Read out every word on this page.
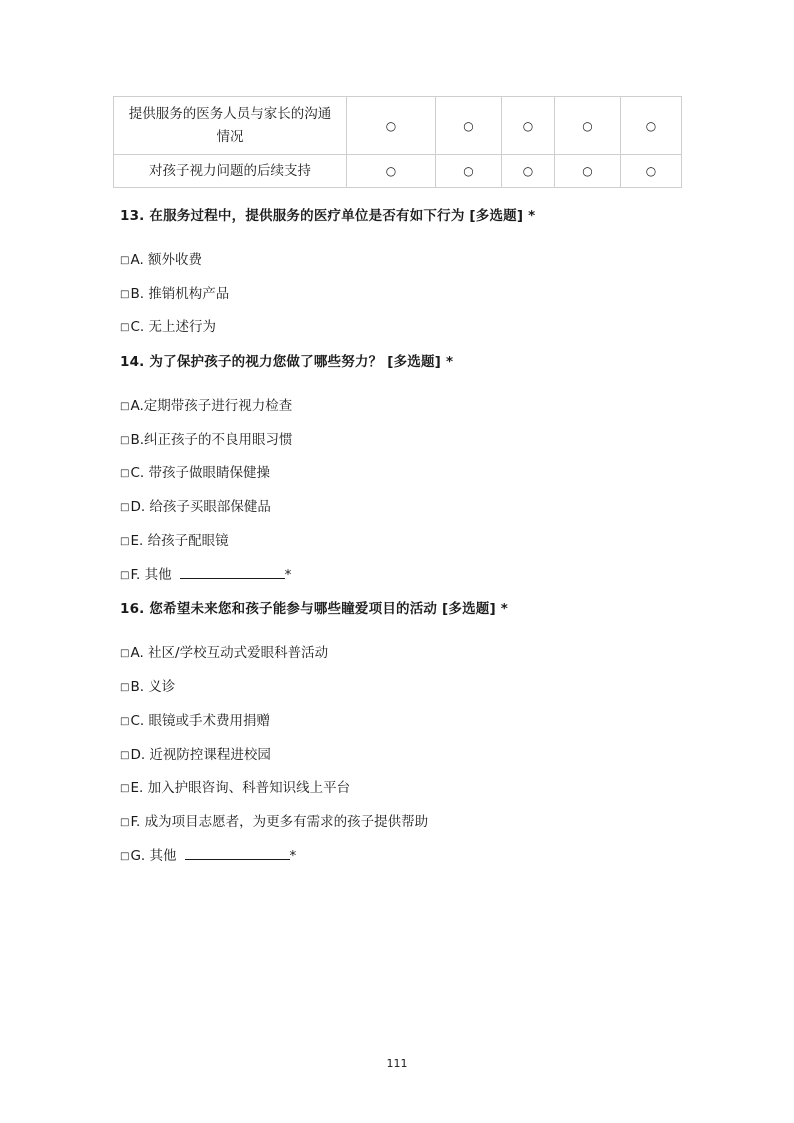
提供服务的医务人员与家长的沟通
情况	○	○	○	○	○
对孩子视力问题的后续支持	○	○	○	○	○
13. 在服务过程中，提供服务的医疗单位是否有如下行为 [多选题] *
□A. 额外收费
□B. 推销机构产品
□C. 无上述行为
14. 为了保护孩子的视力您做了哪些努力？ [多选题] *
□A.定期带孩子进行视力检查
□B.纠正孩子的不良用眼习惯
□C. 带孩子做眼睛保健操
□D. 给孩子买眼部保健品
□E. 给孩子配眼镜
□F. 其他	*
16. 您希望未来您和孩子能参与哪些瞳爱项目的活动 [多选题] *
□A. 社区/学校互动式爱眼科普活动
□B. 义诊
□C. 眼镜或手术费用捐赠
□D. 近视防控课程进校园
□E. 加入护眼咨询、科普知识线上平台
□F. 成为项目志愿者，为更多有需求的孩子提供帮助
□G. 其他	*
111
